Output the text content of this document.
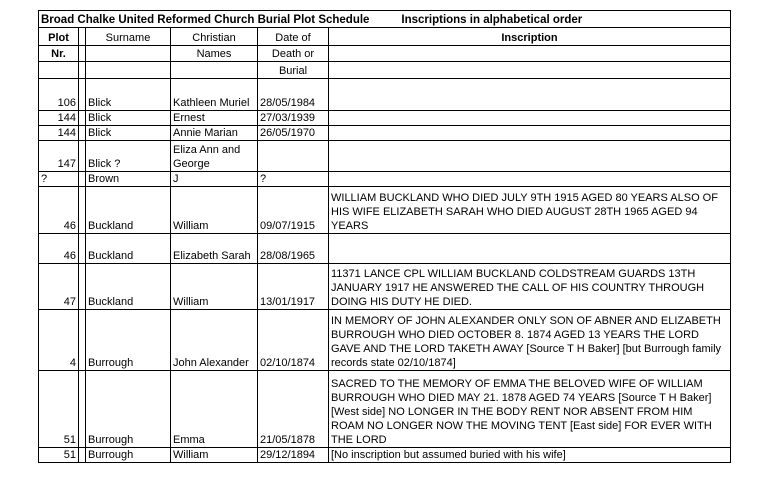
Broad Chalke United Reformed Church Burial Plot Schedule Inscriptions in alphabetical order					
Plot		Surname	Christian	Date of	Inscription
Nr.			Names	Death or	
				Burial	
106		Blick	Kathleen Muriel	28/05/1984	
144		Blick	Ernest	27/03/1939	
144		Blick	Annie Marian	26/05/1970	
147		Blick ?	Eliza Ann and George		
?		Brown	J	?	
46		Buckland	William	09/07/1915	WILLIAM BUCKLAND WHO DIED JULY 9TH 1915 AGED 80 YEARS ALSO OF HIS WIFE ELIZABETH SARAH WHO DIED AUGUST 28TH 1965 AGED 94 YEARS
46		Buckland	Elizabeth Sarah	28/08/1965	
47		Buckland	William	13/01/1917	11371 LANCE CPL WILLIAM BUCKLAND COLDSTREAM GUARDS 13TH JANUARY 1917 HE ANSWERED THE CALL OF HIS COUNTRY THROUGH DOING HIS DUTY HE DIED.
4		Burrough	John Alexander	02/10/1874	IN MEMORY OF JOHN ALEXANDER ONLY SON OF ABNER AND ELIZABETH BURROUGH WHO DIED OCTOBER 8. 1874 AGED 13 YEARS THE LORD GAVE AND THE LORD TAKETH AWAY [Source T H Baker] [but Burrough family records state 02/10/1874]
51		Burrough	Emma	21/05/1878	SACRED TO THE MEMORY OF EMMA THE BELOVED WIFE OF WILLIAM BURROUGH WHO DIED MAY 21. 1878 AGED 74 YEARS [Source T H Baker] [West side] NO LONGER IN THE BODY RENT NOR ABSENT FROM HIM ROAM NO LONGER NOW THE MOVING TENT [East side] FOR EVER WITH THE LORD
51		Burrough	William	29/12/1894	[No inscription but assumed buried with his wife]
